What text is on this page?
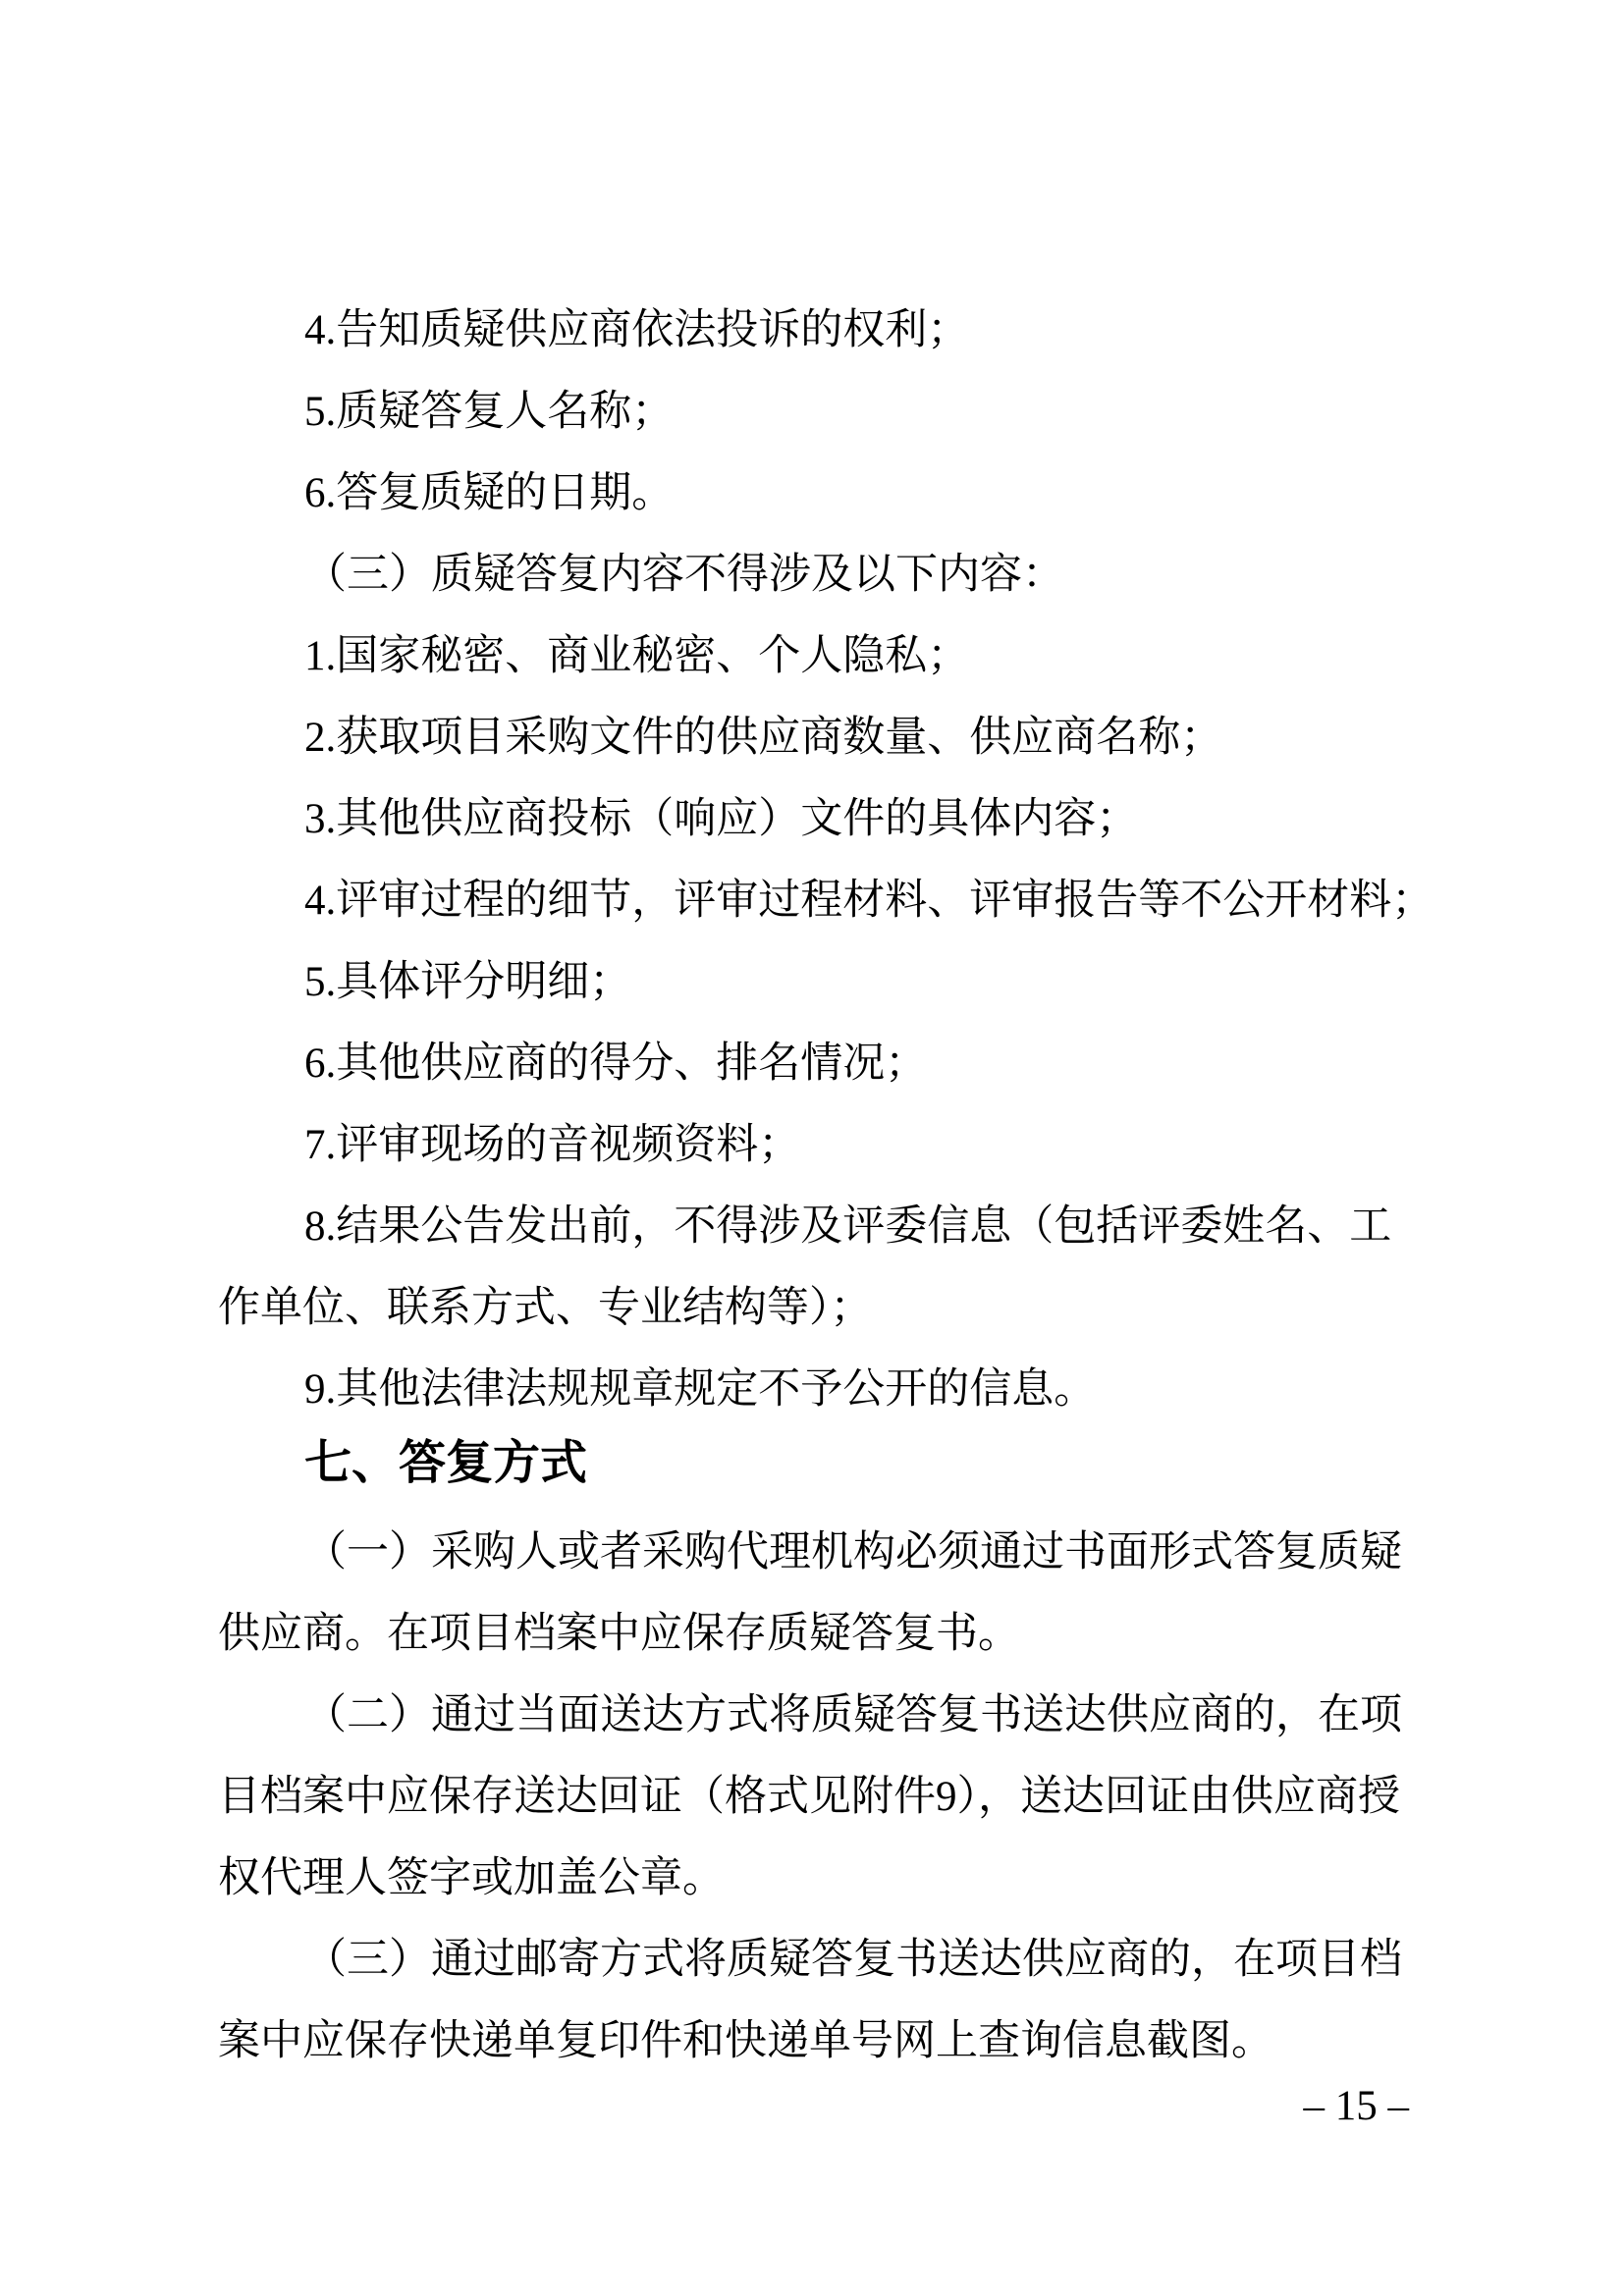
4.告知质疑供应商依法投诉的权利；
5.质疑答复人名称；
6.答复质疑的日期。
（三）质疑答复内容不得涉及以下内容：
1.国家秘密、商业秘密、个人隐私；
2.获取项目采购文件的供应商数量、供应商名称；
3.其他供应商投标（响应）文件的具体内容；
4.评审过程的细节，评审过程材料、评审报告等不公开材料；
5.具体评分明细；
6.其他供应商的得分、排名情况；
7.评审现场的音视频资料；
8.结果公告发出前，不得涉及评委信息（包括评委姓名、工
作单位、联系方式、专业结构等）；
9.其他法律法规规章规定不予公开的信息。
七、答复方式
（一）采购人或者采购代理机构必须通过书面形式答复质疑
供应商。在项目档案中应保存质疑答复书。
（二）通过当面送达方式将质疑答复书送达供应商的，在项
目档案中应保存送达回证（格式见附件9），送达回证由供应商授
权代理人签字或加盖公章。
（三）通过邮寄方式将质疑答复书送达供应商的，在项目档
案中应保存快递单复印件和快递单号网上查询信息截图。
– 15 –
